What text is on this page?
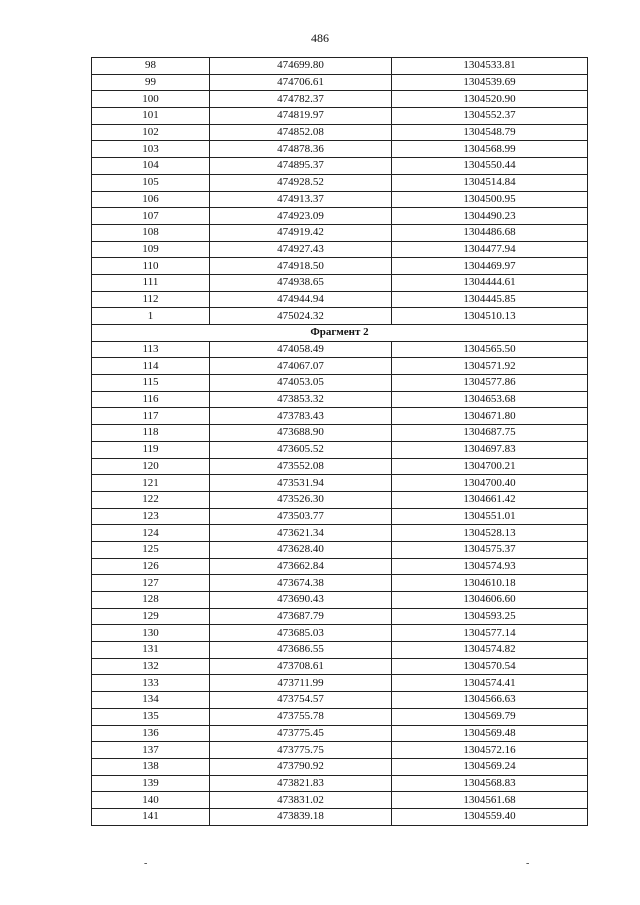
486
98	474699.80	1304533.81
99	474706.61	1304539.69
100	474782.37	1304520.90
101	474819.97	1304552.37
102	474852.08	1304548.79
103	474878.36	1304568.99
104	474895.37	1304550.44
105	474928.52	1304514.84
106	474913.37	1304500.95
107	474923.09	1304490.23
108	474919.42	1304486.68
109	474927.43	1304477.94
110	474918.50	1304469.97
111	474938.65	1304444.61
112	474944.94	1304445.85
1	475024.32	1304510.13
Фрагмент 2		
113	474058.49	1304565.50
114	474067.07	1304571.92
115	474053.05	1304577.86
116	473853.32	1304653.68
117	473783.43	1304671.80
118	473688.90	1304687.75
119	473605.52	1304697.83
120	473552.08	1304700.21
121	473531.94	1304700.40
122	473526.30	1304661.42
123	473503.77	1304551.01
124	473621.34	1304528.13
125	473628.40	1304575.37
126	473662.84	1304574.93
127	473674.38	1304610.18
128	473690.43	1304606.60
129	473687.79	1304593.25
130	473685.03	1304577.14
131	473686.55	1304574.82
132	473708.61	1304570.54
133	473711.99	1304574.41
134	473754.57	1304566.63
135	473755.78	1304569.79
136	473775.45	1304569.48
137	473775.75	1304572.16
138	473790.92	1304569.24
139	473821.83	1304568.83
140	473831.02	1304561.68
141	473839.18	1304559.40
-	-
